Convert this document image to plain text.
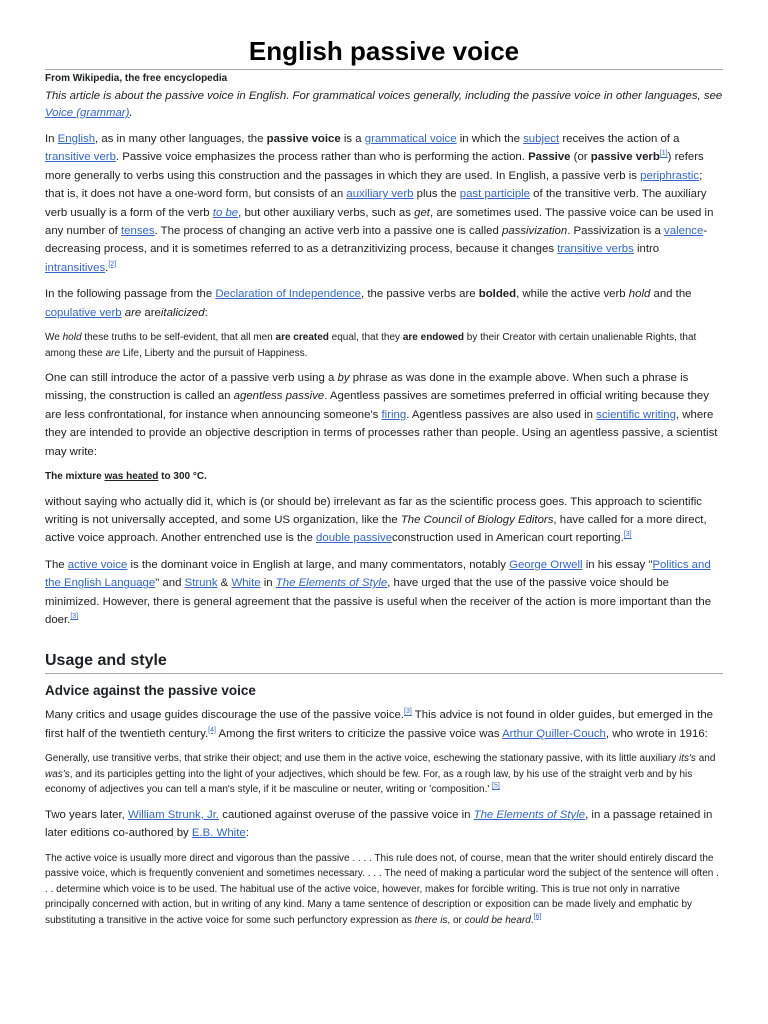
English passive voice
From Wikipedia, the free encyclopedia
This article is about the passive voice in English. For grammatical voices generally, including the passive voice in other languages, see Voice (grammar).

In English, as in many other languages, the passive voice is a grammatical voice in which the subject receives the action of a transitive verb. Passive voice emphasizes the process rather than who is performing the action. Passive (or passive verb[1]) refers more generally to verbs using this construction and the passages in which they are used. In English, a passive verb is periphrastic; that is, it does not have a one-word form, but consists of an auxiliary verb plus the past participle of the transitive verb. The auxiliary verb usually is a form of the verb to be, but other auxiliary verbs, such as get, are sometimes used. The passive voice can be used in any number of tenses. The process of changing an active verb into a passive one is called passivization. Passivization is a valence-decreasing process, and it is sometimes referred to as a detranzitivizing process, because it changes transitive verbs intro intransitives.[2]

In the following passage from the Declaration of Independence, the passive verbs are bolded, while the active verb hold and the copulative verb are areitalicized:

We hold these truths to be self-evident, that all men are created equal, that they are endowed by their Creator with certain unalienable Rights, that among these are Life, Liberty and the pursuit of Happiness.

One can still introduce the actor of a passive verb using a by phrase as was done in the example above. When such a phrase is missing, the construction is called an agentless passive. Agentless passives are sometimes preferred in official writing because they are less confrontational, for instance when announcing someone's firing. Agentless passives are also used in scientific writing, where they are intended to provide an objective description in terms of processes rather than people. Using an agentless passive, a scientist may write:

The mixture was heated to 300 °C.

without saying who actually did it, which is (or should be) irrelevant as far as the scientific process goes. This approach to scientific writing is not universally accepted, and some US organization, like the The Council of Biology Editors, have called for a more direct, active voice approach. Another entrenched use is the double passiveconstruction used in American court reporting.[3]

The active voice is the dominant voice in English at large, and many commentators, notably George Orwell in his essay "Politics and the English Language" and Strunk & White in The Elements of Style, have urged that the use of the passive voice should be minimized. However, there is general agreement that the passive is useful when the receiver of the action is more important than the doer.[3]

Usage and style
Advice against the passive voice

Many critics and usage guides discourage the use of the passive voice.[3] This advice is not found in older guides, but emerged in the first half of the twentieth century.[4] Among the first writers to criticize the passive voice was Arthur Quiller-Couch, who wrote in 1916:

Generally, use transitive verbs, that strike their object; and use them in the active voice, eschewing the stationary passive, with its little auxiliary its's and was's, and its participles getting into the light of your adjectives, which should be few. For, as a rough law, by his use of the straight verb and by his economy of adjectives you can tell a man's style, if it be masculine or neuter, writing or 'composition.' [5]

Two years later, William Strunk, Jr. cautioned against overuse of the passive voice in The Elements of Style, in a passage retained in later editions co-authored by E.B. White:

The active voice is usually more direct and vigorous than the passive . . . . This rule does not, of course, mean that the writer should entirely discard the passive voice, which is frequently convenient and sometimes necessary. . . . The need of making a particular word the subject of the sentence will often . . . determine which voice is to be used. The habitual use of the active voice, however, makes for forcible writing. This is true not only in narrative principally concerned with action, but in writing of any kind. Many a tame sentence of description or exposition can be made lively and emphatic by substituting a transitive in the active voice for some such perfunctory expression as there is, or could be heard.[6]
